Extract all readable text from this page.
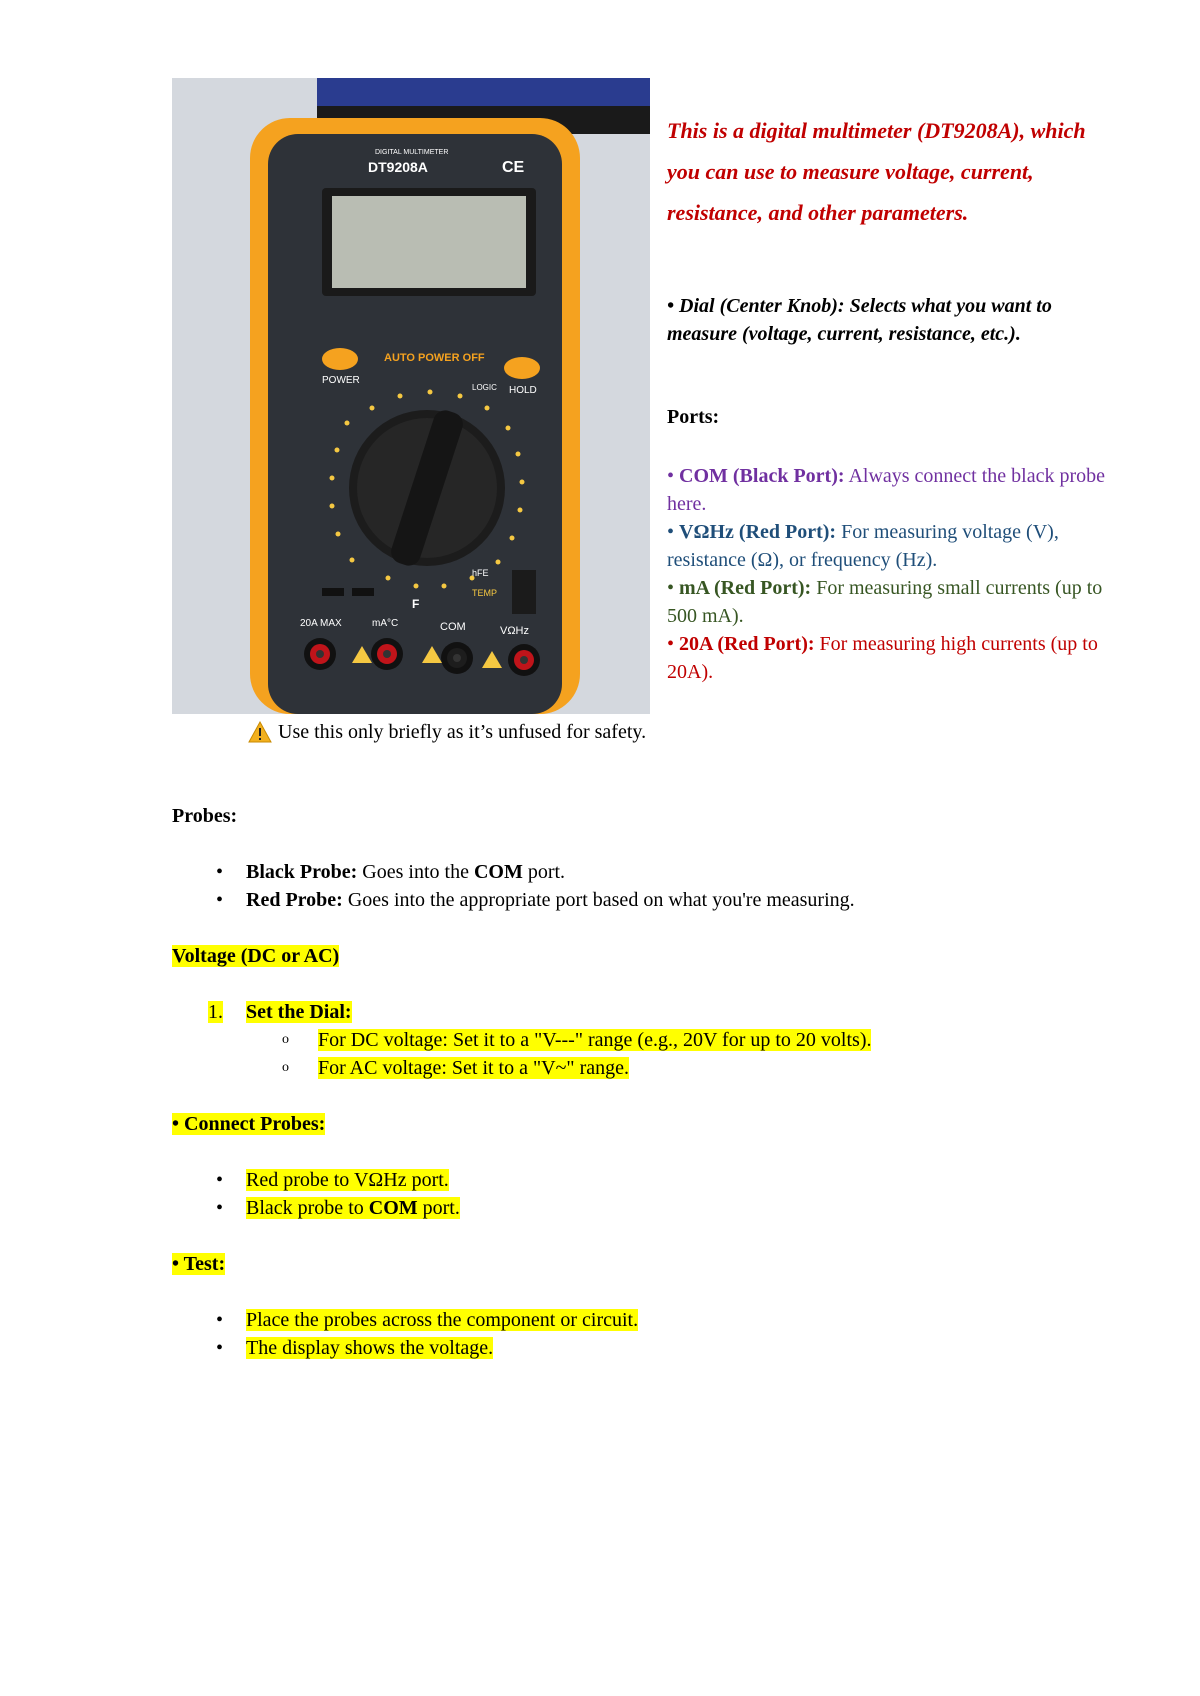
DIGITAL MULTIMETER
DT9208A	CE
AUTO POWER OFF
POWER
HOLD
LOGIC
hFE
TEMP
F
20A MAX	mA°C	COM	VΩHz
This is a digital multimeter (DT9208A), which you can use to measure voltage, current, resistance, and other parameters.
• Dial (Center Knob): Selects what you want to measure (voltage, current, resistance, etc.).
Ports:

• COM (Black Port): Always connect the black probe here.

• VΩHz (Red Port): For measuring voltage (V), resistance (Ω), or frequency (Hz).

• mA (Red Port): For measuring small currents (up to 500 mA).

• 20A (Red Port): For measuring high currents (up to 20A).

Use this only briefly as it’s unfused for safety.
Probes:
• Black Probe: Goes into the COM port.
• Red Probe: Goes into the appropriate port based on what you're measuring.
Voltage (DC or AC)
1. Set the Dial:
o For DC voltage: Set it to a "V---" range (e.g., 20V for up to 20 volts).
o For AC voltage: Set it to a "V~" range.
• Connect Probes:
• Red probe to VΩHz port.
• Black probe to COM port.
• Test:
• Place the probes across the component or circuit.
• The display shows the voltage.
